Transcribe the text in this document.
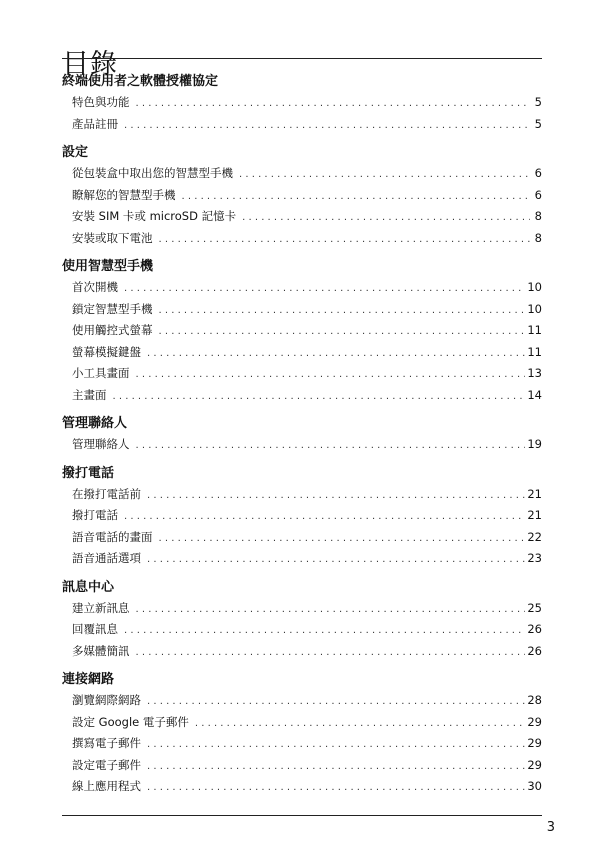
目錄
終端使用者之軟體授權協定
特色與功能 . . .	5
產品註冊 . . .	5
設定
從包裝盒中取出您的智慧型手機 . . .	6
瞭解您的智慧型手機 . . .	6
安裝 SIM 卡或 microSD 記憶卡 . . .	8
安裝或取下電池 . . .	8
使用智慧型手機
首次開機 . . .	10
鎖定智慧型手機 . . .	10
使用觸控式螢幕 . . .	11
螢幕模擬鍵盤 . . .	11
小工具畫面 . . .	13
主畫面 . . .	14
管理聯絡人
管理聯絡人 . . .	19
撥打電話
在撥打電話前 . . .	21
撥打電話 . . .	21
語音電話的畫面 . . .	22
語音通話選項 . . .	23
訊息中心
建立新訊息 . . .	25
回覆訊息 . . .	26
多媒體簡訊 . . .	26
連接網路
瀏覽網際網路 . . .	28
設定 Google 電子郵件 . . .	29
撰寫電子郵件 . . .	29
設定電子郵件 . . .	29
線上應用程式 . . .	30
3
